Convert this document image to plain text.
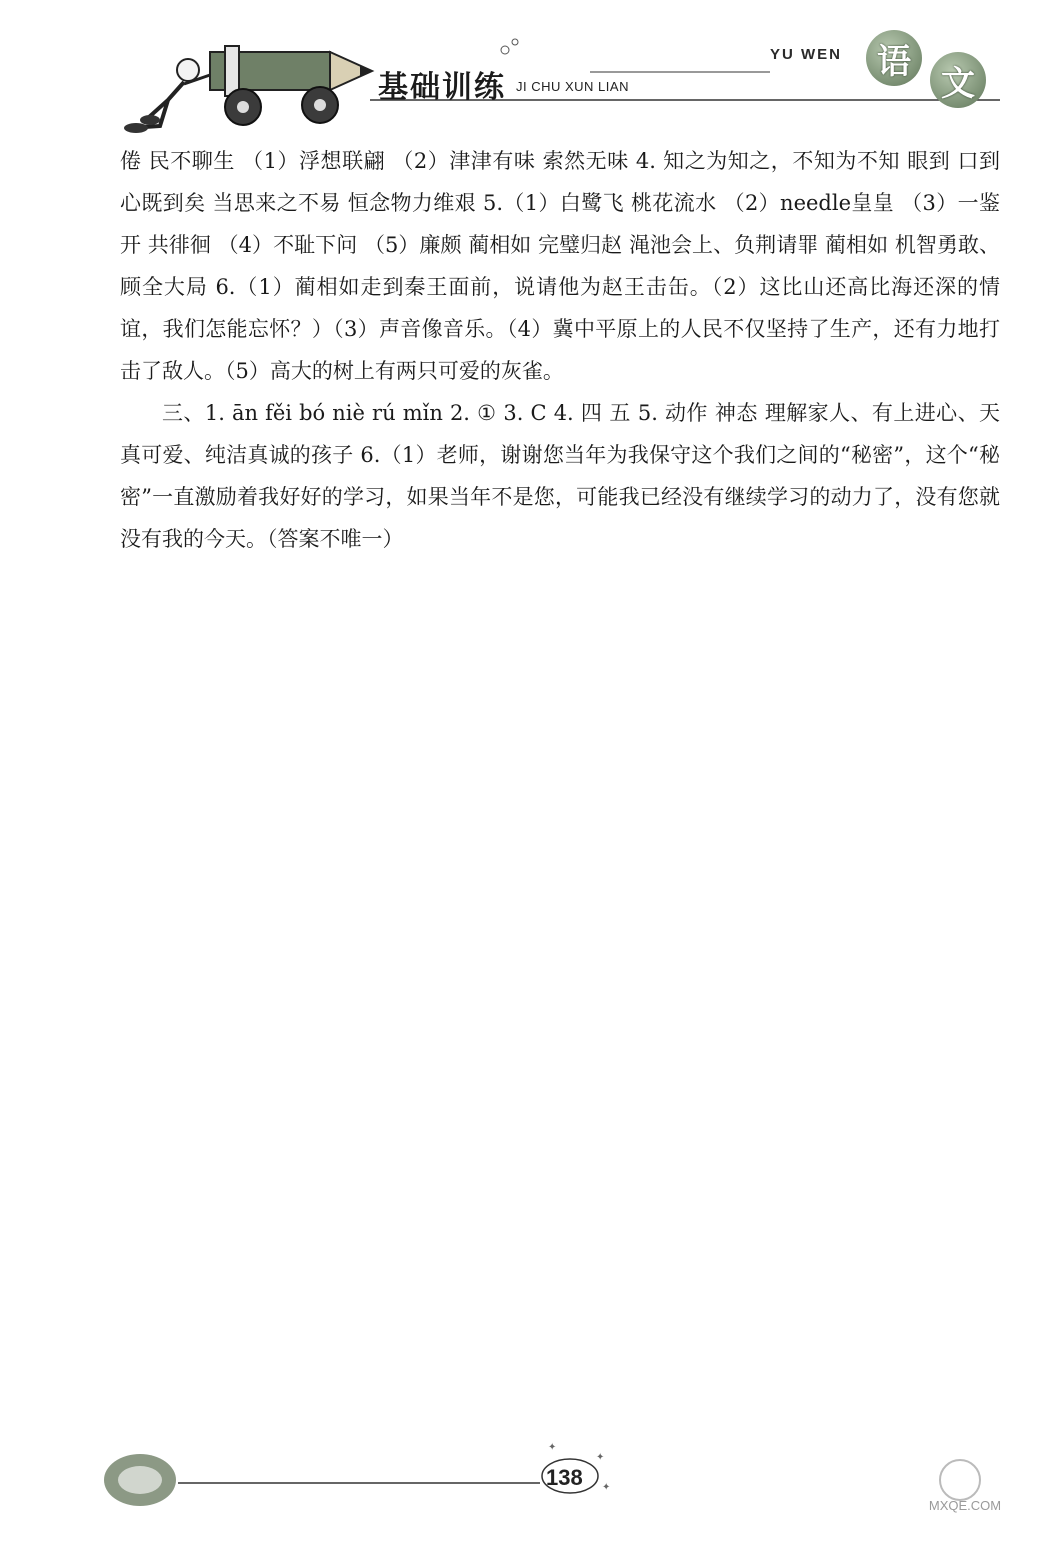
基础训练 JI CHU XUN LIAN
YU WEN	语
文

倦 民不聊生 （1）浮想联翩 （2）津津有味 索然无味 4. 知之为知之，不知为不知 眼到 口到 心既到矣 当思来之不易 恒念物力维艰 5.（1）白鹭飞 桃花流水 （2）needle皇皇 （3）一鉴开 共徘徊 （4）不耻下问 （5）廉颇 蔺相如 完璧归赵 渑池会上、负荆请罪 蔺相如 机智勇敢、顾全大局 6.（1）蔺相如走到秦王面前，说请他为赵王击缶。（2）这比山还高比海还深的情谊，我们怎能忘怀？）（3）声音像音乐。（4）冀中平原上的人民不仅坚持了生产，还有力地打击了敌人。（5）高大的树上有两只可爱的灰雀。

三、1. ān fěi bó niè rú mǐn 2. ① 3. C 4. 四 五 5. 动作 神态 理解家人、有上进心、天真可爱、纯洁真诚的孩子 6.（1）老师，谢谢您当年为我保守这个我们之间的“秘密”，这个“秘密”一直激励着我好好的学习，如果当年不是您，可能我已经没有继续学习的动力了，没有您就没有我的今天。（答案不唯一）

✦
✦
✦
138
MXQE.COM
